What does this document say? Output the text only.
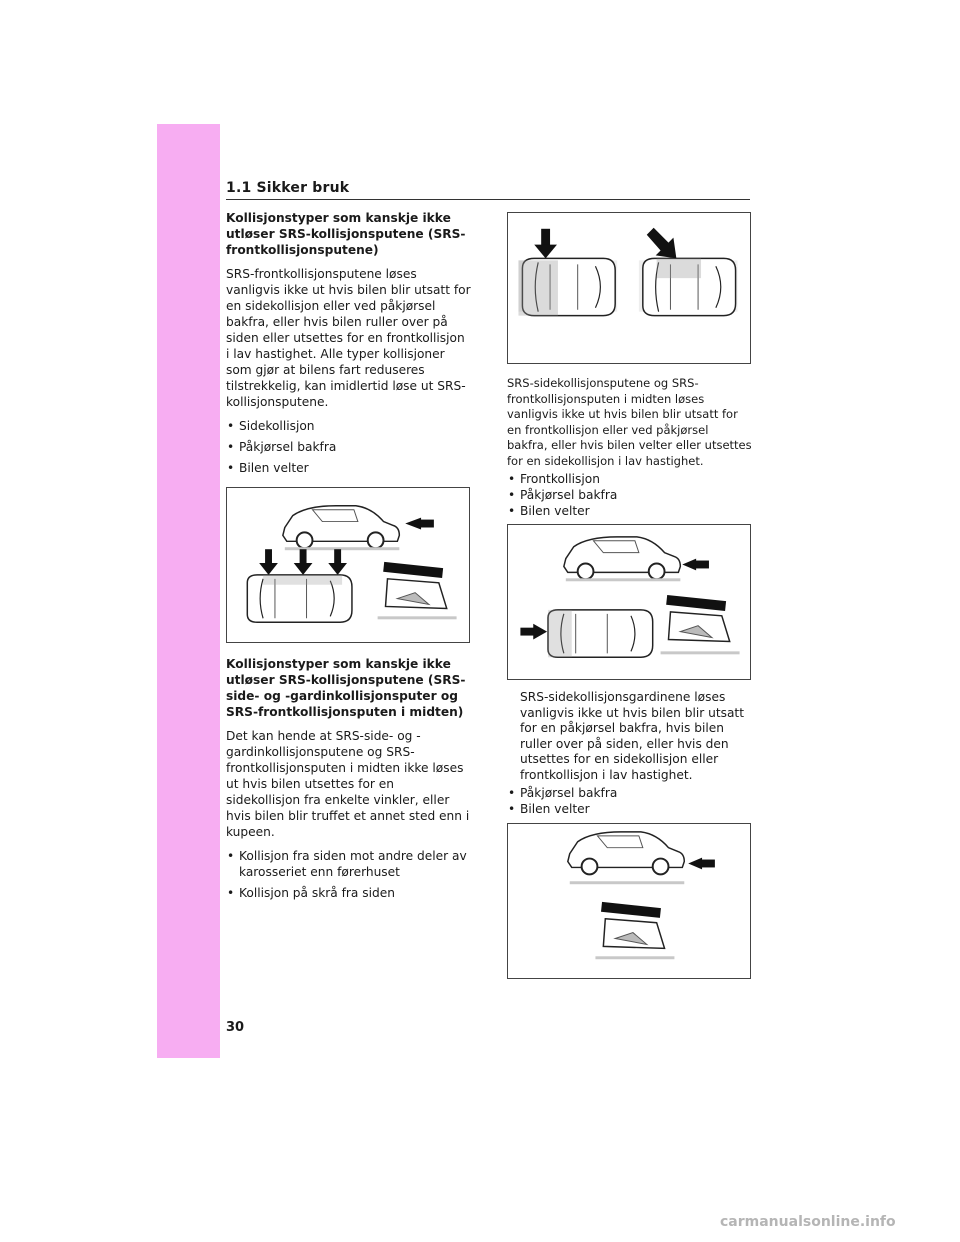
1.1 Sikker bruk

Kollisjonstyper som kanskje ikke utløser SRS-kollisjonsputene (SRS-frontkollisjonsputene)

SRS-frontkollisjonsputene løses vanligvis ikke ut hvis bilen blir utsatt for en sidekollisjon eller ved påkjørsel bakfra, eller hvis bilen ruller over på siden eller utsettes for en frontkollisjon i lav hastighet. Alle typer kollisjoner som gjør at bilens fart reduseres tilstrekkelig, kan imidlertid løse ut SRS-kollisjonsputene.

• Sidekollisjon
• Påkjørsel bakfra
• Bilen velter

Kollisjonstyper som kanskje ikke utløser SRS-kollisjonsputene (SRS-side- og -gardinkollisjonsputer og SRS-frontkollisjonsputen i midten)

Det kan hende at SRS-side- og -gardinkollisjonsputene og SRS-frontkollisjonsputen i midten ikke løses ut hvis bilen utsettes for en sidekollisjon fra enkelte vinkler, eller hvis bilen blir truffet et annet sted enn i kupeen.

• Kollisjon fra siden mot andre deler av karosseriet enn førerhuset
• Kollisjon på skrå fra siden

SRS-sidekollisjonsputene og SRS-frontkollisjonsputen i midten løses vanligvis ikke ut hvis bilen blir utsatt for en frontkollisjon eller ved påkjørsel bakfra, eller hvis bilen velter eller utsettes for en sidekollisjon i lav hastighet.

• Frontkollisjon
• Påkjørsel bakfra
• Bilen velter

SRS-sidekollisjonsgardinene løses vanligvis ikke ut hvis bilen blir utsatt for en påkjørsel bakfra, hvis bilen ruller over på siden, eller hvis den utsettes for en sidekollisjon eller frontkollisjon i lav hastighet.

• Påkjørsel bakfra
• Bilen velter
30
carmanualsonline.info
